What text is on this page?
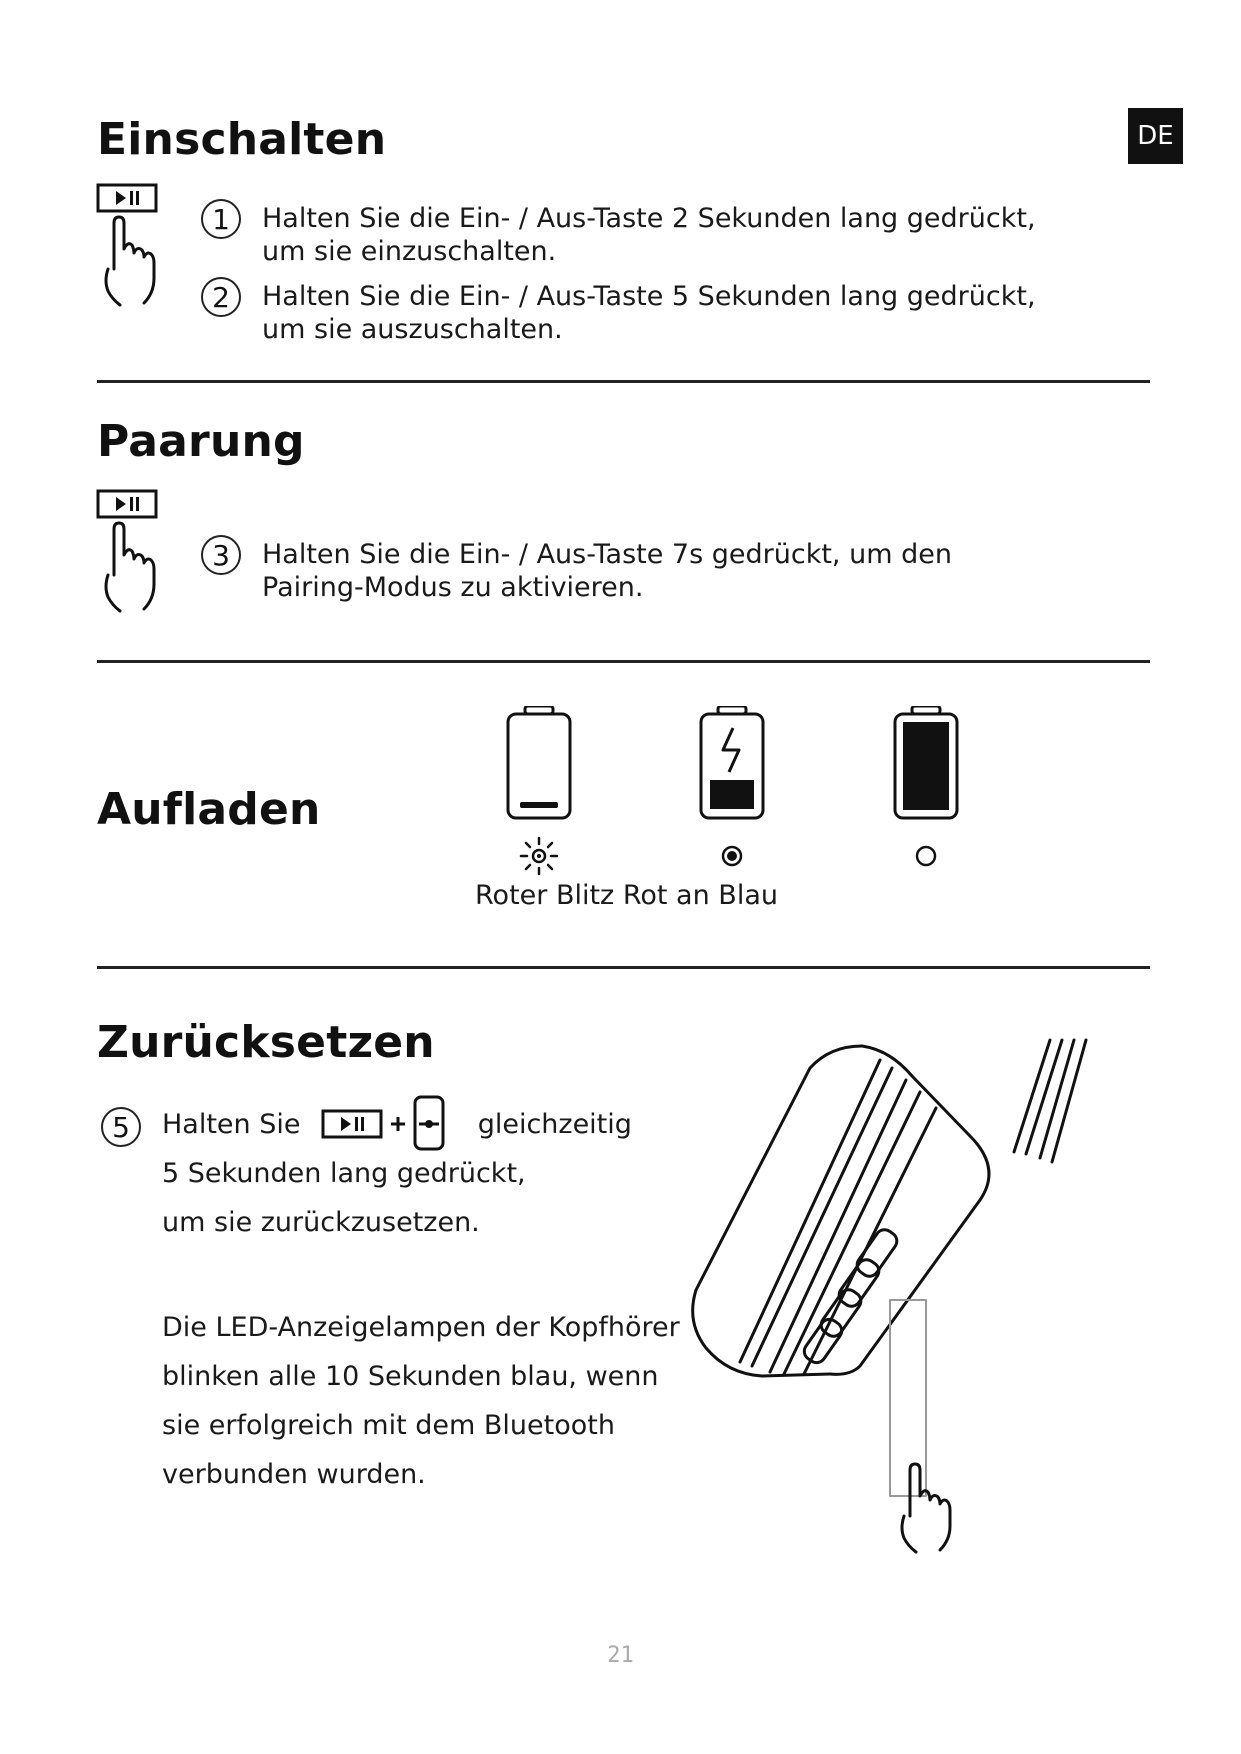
DE
Einschalten
1	Halten Sie die Ein- / Aus-Taste 2 Sekunden lang gedrückt,
um sie einzuschalten.
2	Halten Sie die Ein- / Aus-Taste 5 Sekunden lang gedrückt,
um sie auszuschalten.
Paarung
3	Halten Sie die Ein- / Aus-Taste 7s gedrückt, um den
Pairing-Modus zu aktivieren.
Aufladen
Roter Blitz Rot an Blau
Zurücksetzen
5	Halten Sie	gleichzeitig
5 Sekunden lang gedrückt,
um sie zurückzusetzen.
Die LED-Anzeigelampen der Kopfhörer
blinken alle 10 Sekunden blau, wenn
sie erfolgreich mit dem Bluetooth
verbunden wurden.
21
